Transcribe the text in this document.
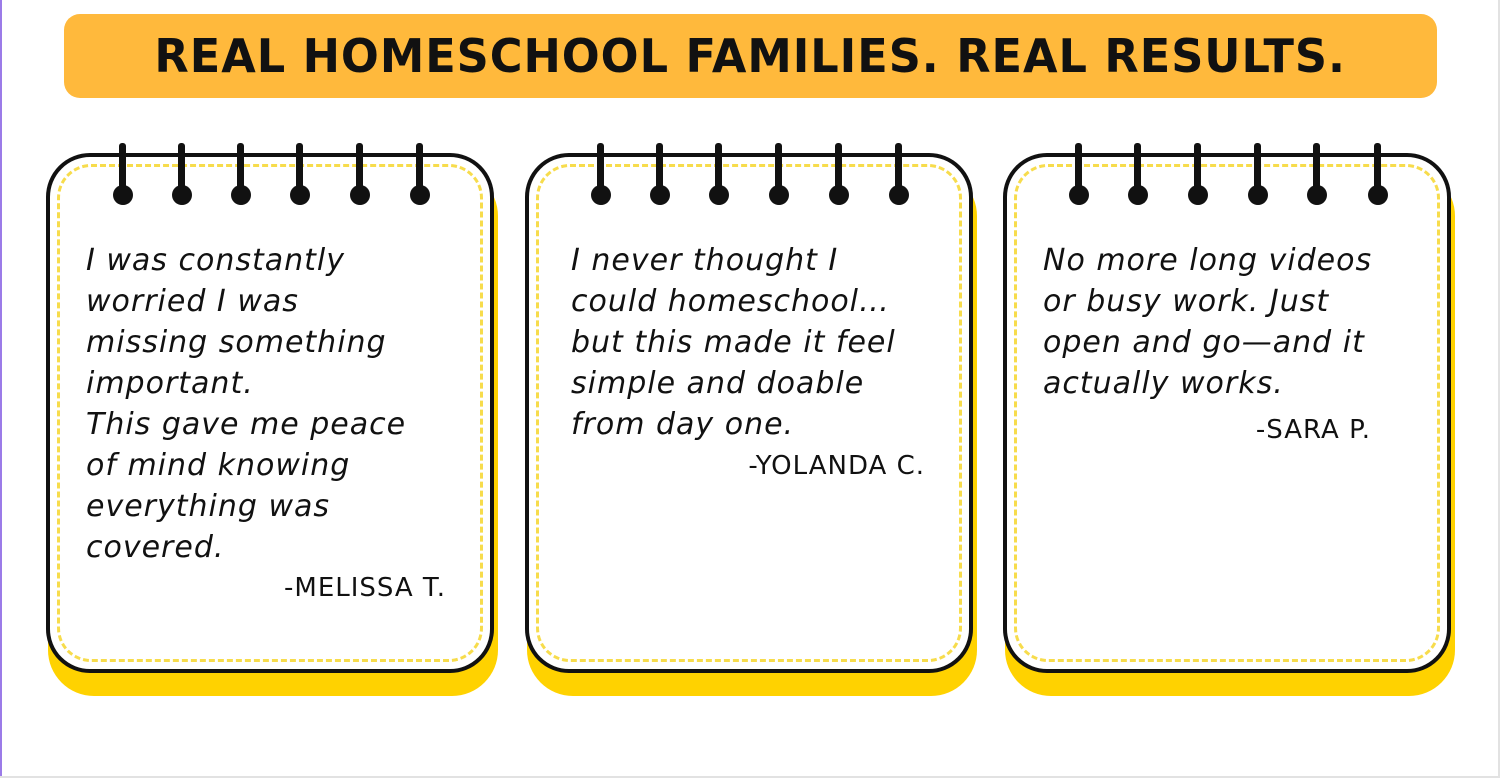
REAL HOMESCHOOL FAMILIES. REAL RESULTS.

I was constantly
worried I was
missing something
important.
This gave me peace
of mind knowing
everything was
covered.

-MELISSA T.

I never thought I
could homeschool…
but this made it feel
simple and doable
from day one.

-YOLANDA C.

No more long videos
or busy work. Just
open and go—and it
actually works.

-SARA P.
